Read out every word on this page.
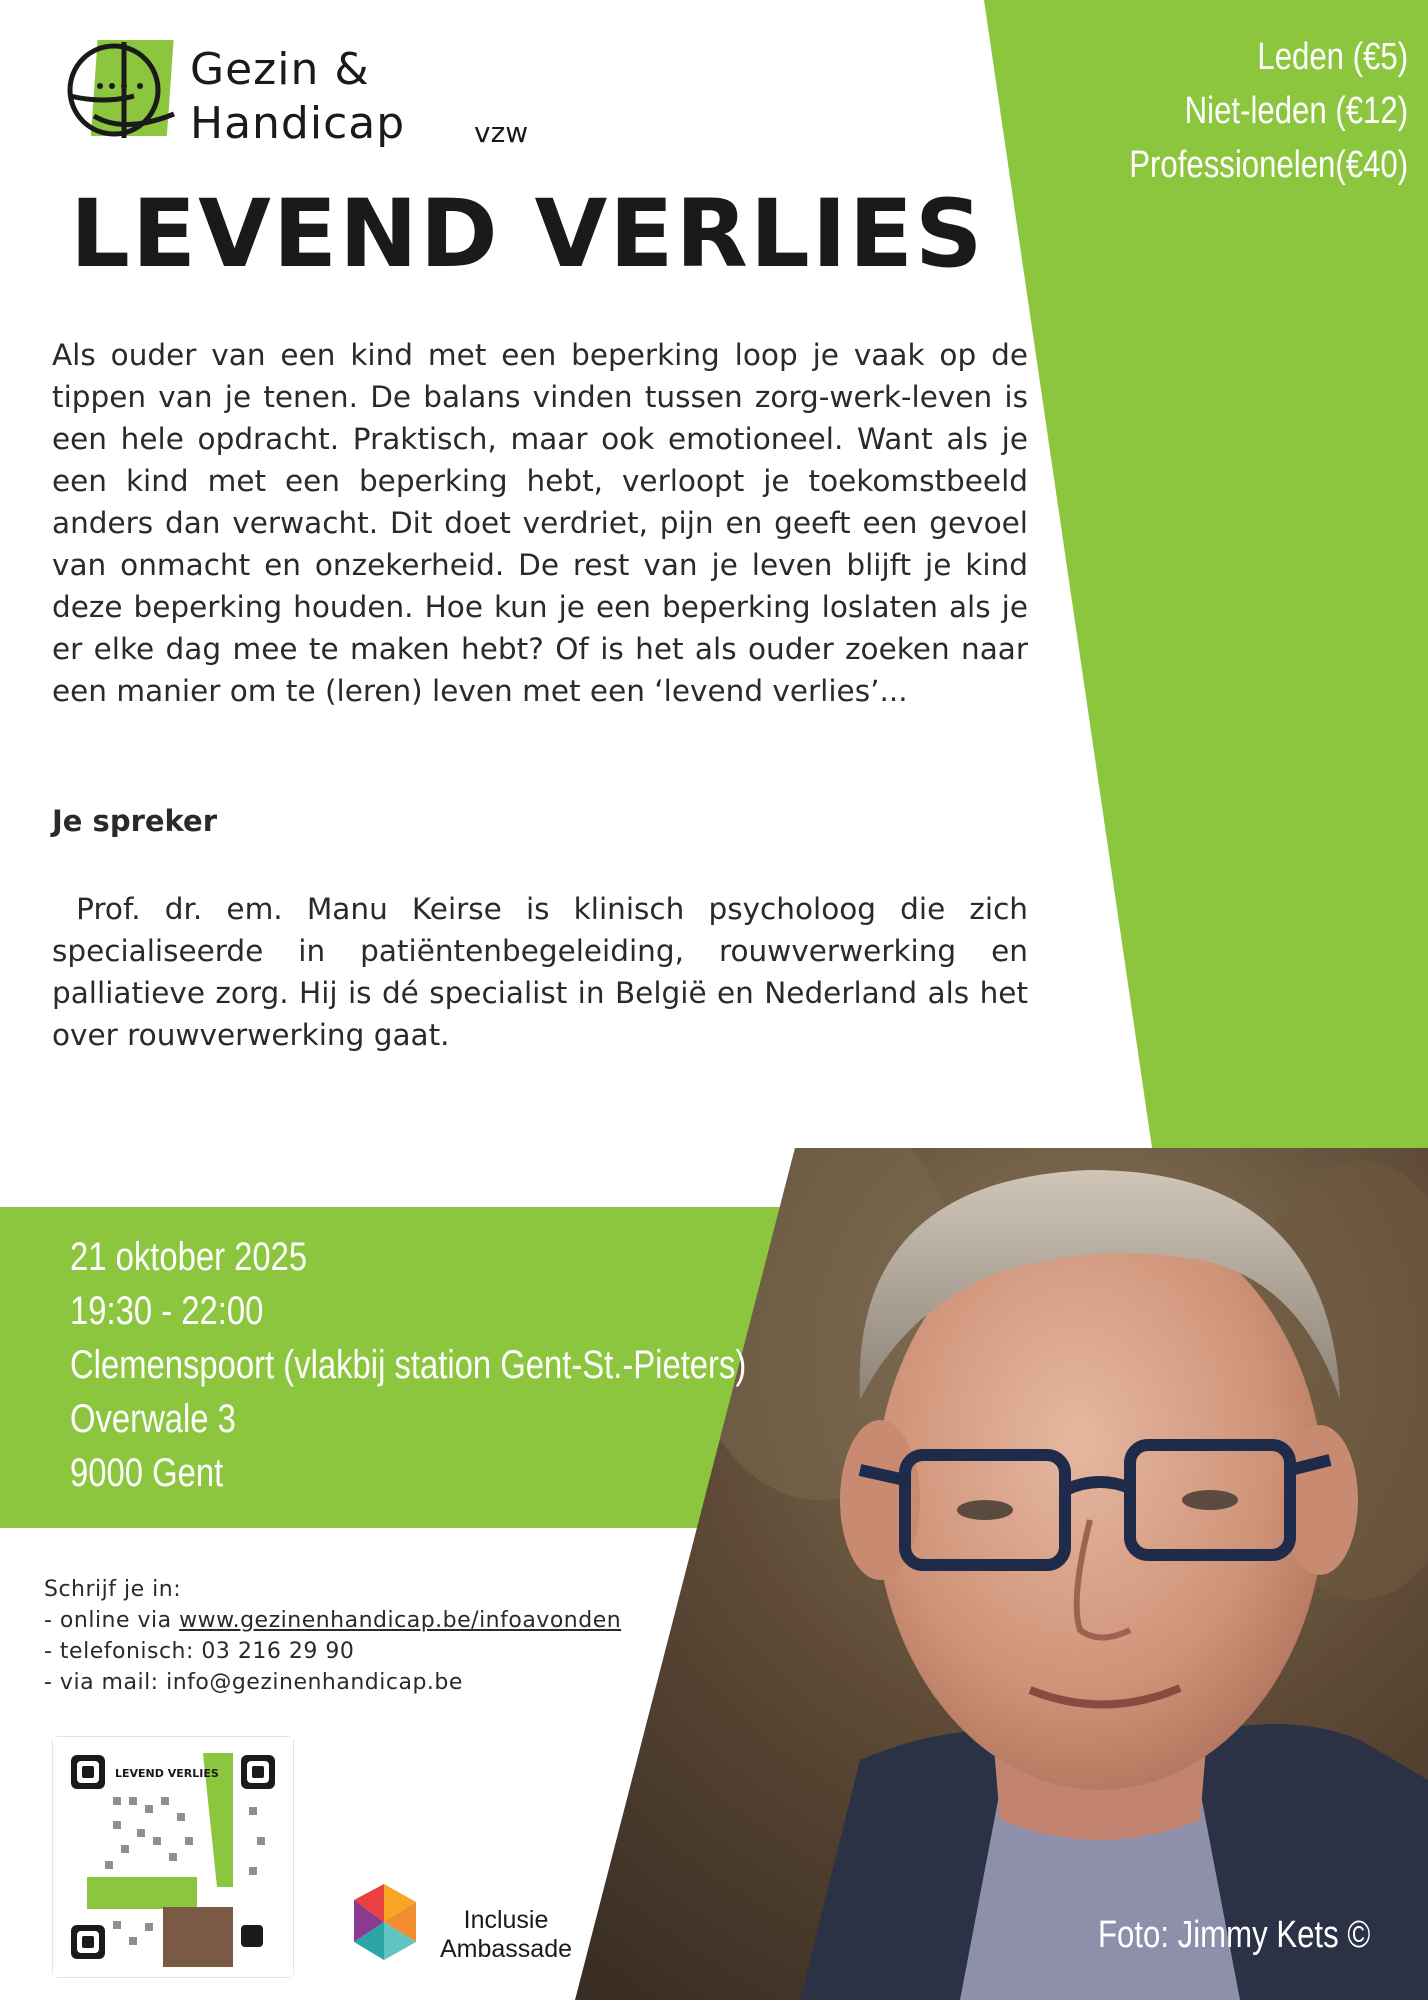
Gezin &
Handicap vzw
LEVEND VERLIES
Leden (€5)
Niet-leden (€12)
Professionelen(€40)
Als ouder van een kind met een beperking loop je vaak op de tippen van je tenen. De balans vinden tussen zorg-werk-leven is een hele opdracht. Praktisch, maar ook emotioneel. Want als je een kind met een beperking hebt, verloopt je toekomstbeeld anders dan verwacht. Dit doet verdriet, pijn en geeft een gevoel van onmacht en onzekerheid. De rest van je leven blijft je kind deze beperking houden. Hoe kun je een beperking loslaten als je er elke dag mee te maken hebt? Of is het als ouder zoeken naar een manier om te (leren) leven met een ‘levend verlies’...
Je spreker
Prof. dr. em. Manu Keirse is klinisch psycholoog die zich specialiseerde in patiëntenbegeleiding, rouwverwerking en palliatieve zorg. Hij is dé specialist in België en Nederland als het over rouwverwerking gaat.
21 oktober 2025
19:30 - 22:00
Clemenspoort (vlakbij station Gent-St.-Pieters)
Overwale 3
9000 Gent
Schrijf je in:
- online via www.gezinenhandicap.be/infoavonden
- telefonisch: 03 216 29 90
- via mail: info@gezinenhandicap.be
LEVEND VERLIES
Inclusie
Ambassade	Foto: Jimmy Kets ©
